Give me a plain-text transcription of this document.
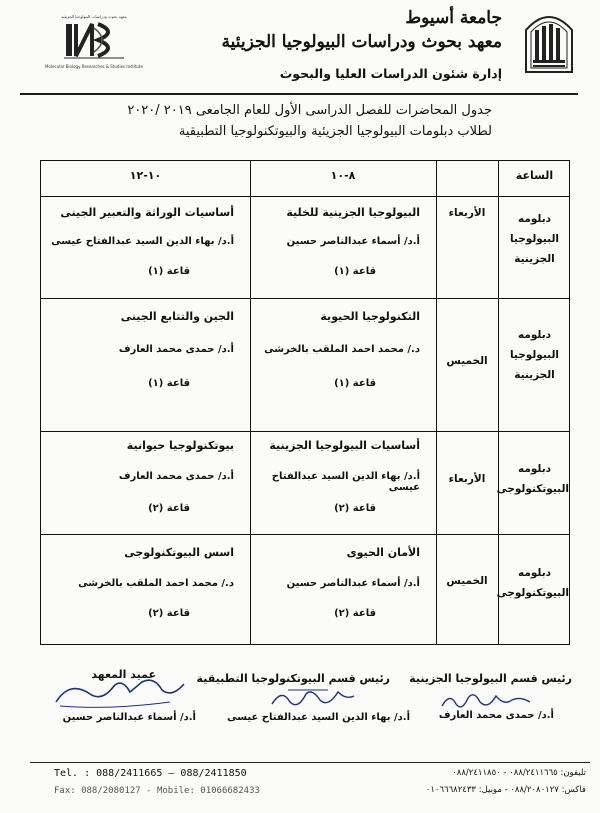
معهد بحوث ودراسات البيولوجيا الجزيئية
Molecular Biology Researches & Studies Institute
جامعة أسيوط
معهد بحوث ودراسات البيولوجيا الجزيئية
إدارة شئون الدراسات العليا والبحوث
جدول المحاضرات للفصل الدراسى الأول للعام الجامعى ٢٠١٩ /٢٠٢٠
لطلاب دبلومات البيولوجيا الجزيئية والبيوتكنولوجيا التطبيقية
الساعة
٨-١٠
١٠-١٢
دبلومه البيولوجيا الجزينية
الأربعاء
البيولوجيا الجزينية للخلية
أ.د/ أسماء عبدالناصر حسين
قاعة (١)
أساسيات الوراثة والتعبير الجينى
أ.د/ بهاء الدين السيد عبدالفتاح عيسى
قاعة (١)
دبلومه البيولوجيا الجزينية
الخميس
التكنولوجيا الحيوية
د./ محمد احمد الملقب بالخرشى
قاعة (١)
الجين والتتابع الجينى
أ.د/ حمدى محمد العارف
قاعة (١)
دبلومه البيوتكنولوجى
الأربعاء
أساسيات البيولوجيا الجزينية
أ.د/ بهاء الدين السيد عبدالفتاح عيسى
قاعة (٢)
بيوتكنولوجيا حيوانية
أ.د/ حمدى محمد العارف
قاعة (٢)
دبلومه البيوتكنولوجى
الخميس
الأمان الحيوى
أ.د/ أسماء عبدالناصر حسين
قاعة (٢)
اسس البيوتكنولوجى
د./ محمد احمد الملقب بالخرشى
قاعة (٢)
رئيس قسم البيولوجيا الجزينية
أ.د/ حمدى محمد العارف
رئيس قسم البيوتكنولوجيا التطبيقية
أ.د/ بهاء الدين السيد عبدالفتاح عيسى
عميد المعهد
أ.د/ أسماء عبدالناصر حسين
Tel. : 088/2411665 – 088/2411850
Fax: 088/2080127 - Mobile: 01066682433
تليفون: ٠٨٨/٢٤١١٦٦٥ - ٠٨٨/٢٤١١٨٥٠
فاكس: ٠٨٨/٢٠٨٠١٢٧ - موبيل: ٠١٠٦٦٦٨٢٤٣٣
